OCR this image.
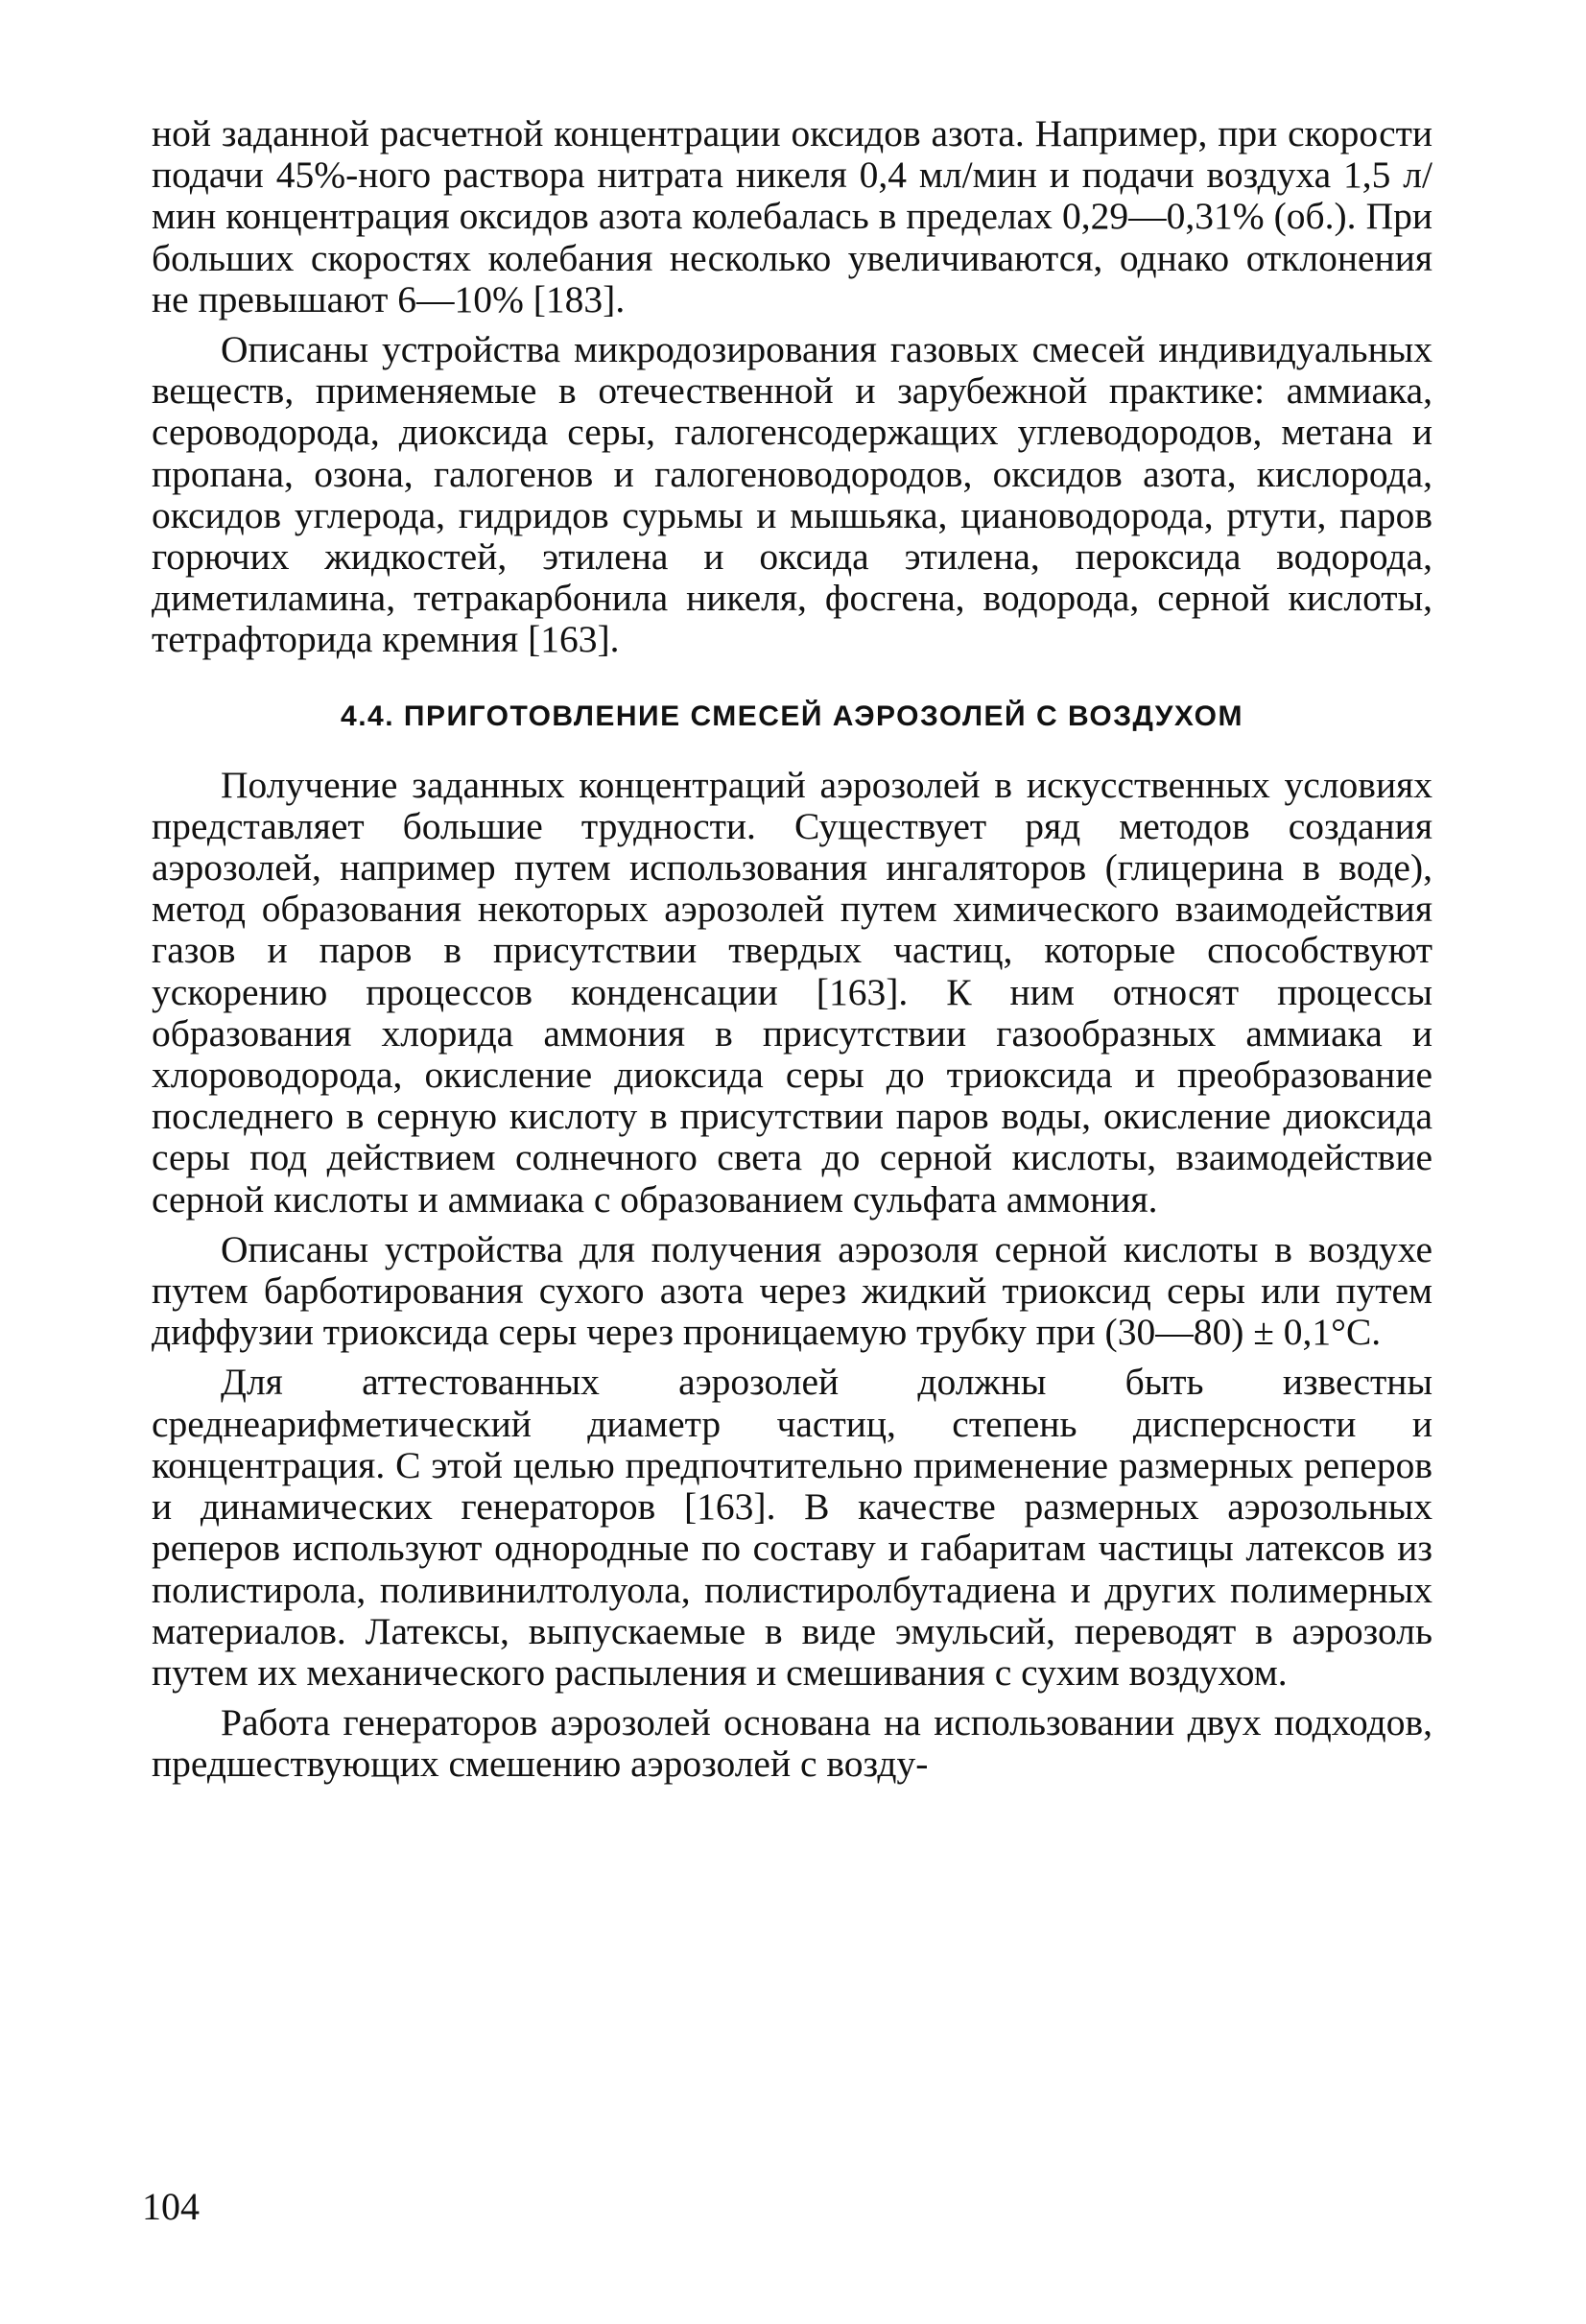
ной заданной расчетной концентрации оксидов азота. Например, при скорости подачи 45%-ного раствора нитрата никеля 0,4 мл/мин и подачи воздуха 1,5 л/мин концентрация оксидов азота колебалась в пределах 0,29—0,31% (об.). При больших скоростях колебания несколько увеличиваются, однако отклонения не превышают 6—10% [183].

Описаны устройства микродозирования газовых смесей индивидуальных веществ, применяемые в отечественной и зарубежной практике: аммиака, сероводорода, диоксида серы, галогенсодержащих углеводородов, метана и пропана, озона, галогенов и галогеноводородов, оксидов азота, кислорода, оксидов углерода, гидридов сурьмы и мышьяка, циановодорода, ртути, паров горючих жидкостей, этилена и оксида этилена, пероксида водорода, диметиламина, тетракарбонила никеля, фосгена, водорода, серной кислоты, тетрафторида кремния [163].

4.4. ПРИГОТОВЛЕНИЕ СМЕСЕЙ АЭРОЗОЛЕЙ С ВОЗДУХОМ

Получение заданных концентраций аэрозолей в искусственных условиях представляет большие трудности. Существует ряд методов создания аэрозолей, например путем использования ингаляторов (глицерина в воде), метод образования некоторых аэрозолей путем химического взаимодействия газов и паров в присутствии твердых частиц, которые способствуют ускорению процессов конденсации [163]. К ним относят процессы образования хлорида аммония в присутствии газообразных аммиака и хлороводорода, окисление диоксида серы до триоксида и преобразование последнего в серную кислоту в присутствии паров воды, окисление диоксида серы под действием солнечного света до серной кислоты, взаимодействие серной кислоты и аммиака с образованием сульфата аммония.

Описаны устройства для получения аэрозоля серной кислоты в воздухе путем барботирования сухого азота через жидкий триоксид серы или путем диффузии триоксида серы через проницаемую трубку при (30—80) ± 0,1°С.

Для аттестованных аэрозолей должны быть известны среднеарифметический диаметр частиц, степень дисперсности и концентрация. С этой целью предпочтительно применение размерных реперов и динамических генераторов [163]. В качестве размерных аэрозольных реперов используют однородные по составу и габаритам частицы латексов из полистирола, поливинилтолуола, полистиролбутадиена и других полимерных материалов. Латексы, выпускаемые в виде эмульсий, переводят в аэрозоль путем их механического распыления и смешивания с сухим воздухом.

Работа генераторов аэрозолей основана на использовании двух подходов, предшествующих смешению аэрозолей с возду-

104
